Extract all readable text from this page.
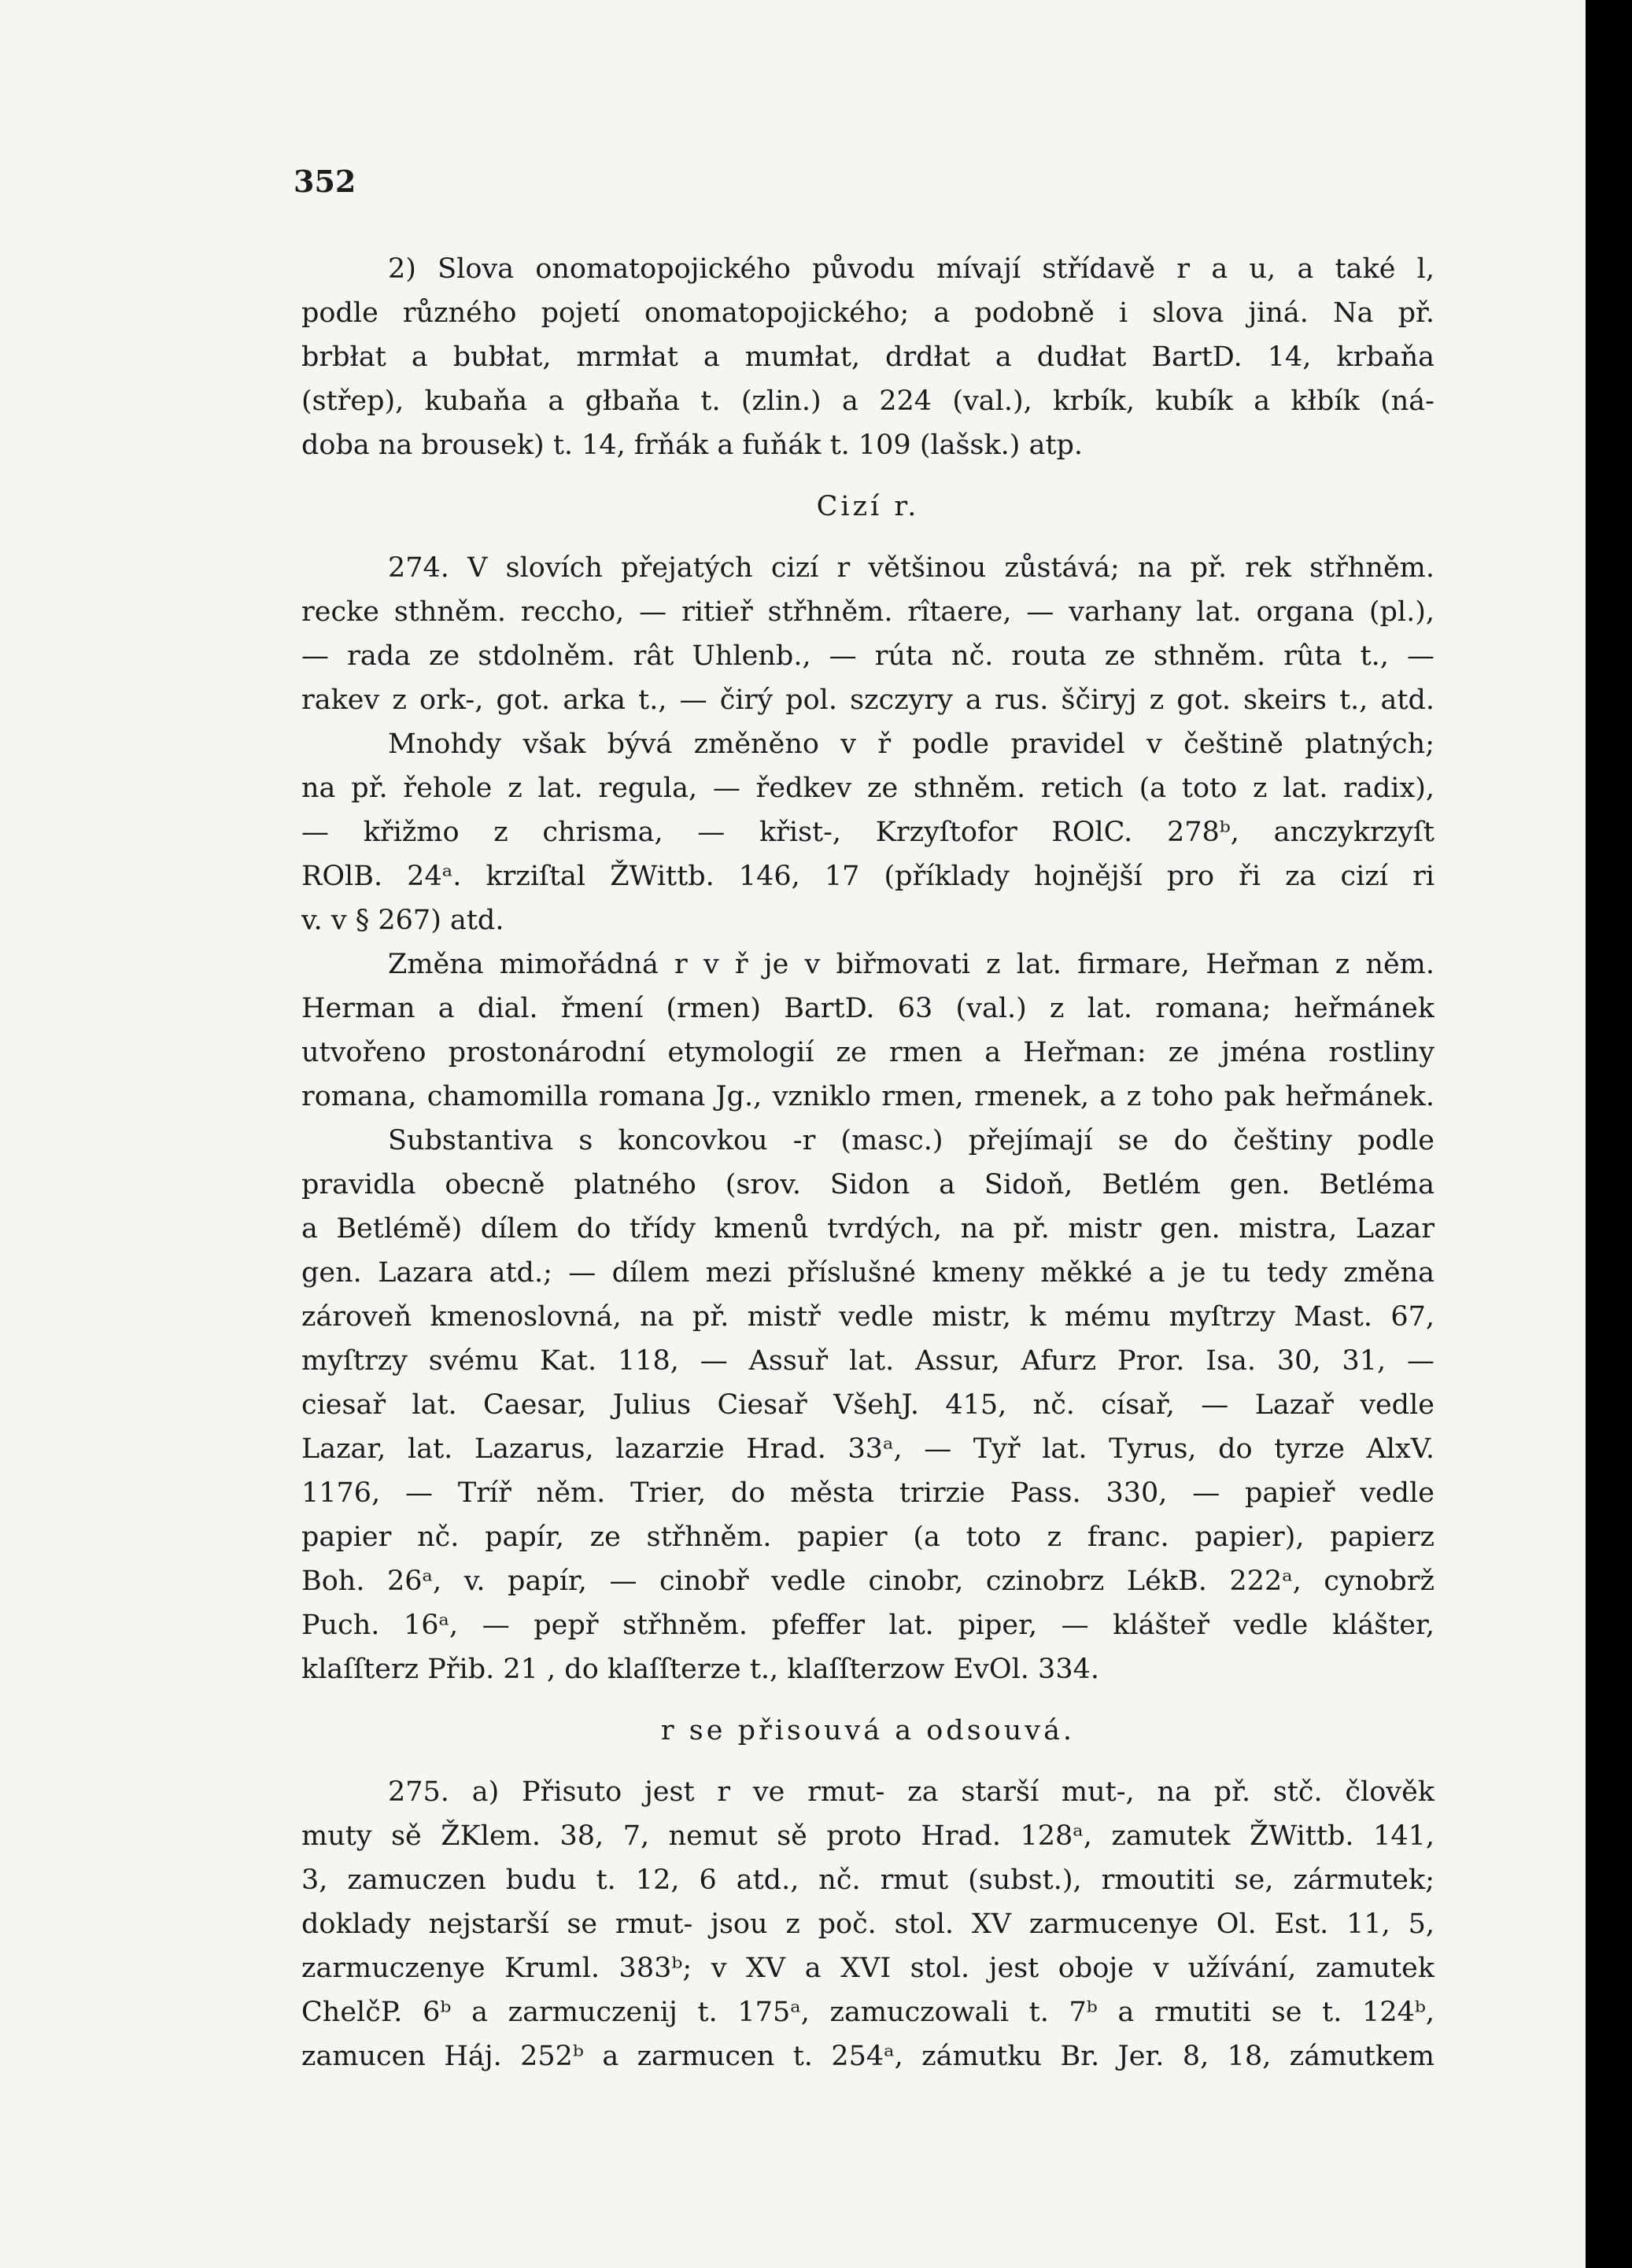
352
2) Slova onomatopojického původu mívají střídavě r a u, a také l,
podle různého pojetí onomatopojického; a podobně i slova jiná. Na př.
brbłat a bubłat, mrmłat a mumłat, drdłat a dudłat BartD. 14, krbaňa
(střep), kubaňa a głbaňa t. (zlin.) a 224 (val.), krbík, kubík a kłbík (ná-
doba na brousek) t. 14, frňák a fuňák t. 109 (lašsk.) atp.
Cizí r.
274. V slovích přejatých cizí r většinou zůstává; na př. rek střhněm.
recke sthněm. reccho, — ritieř střhněm. rîtaere, — varhany lat. organa (pl.),
— rada ze stdolněm. rât Uhlenb., — rúta nč. routa ze sthněm. rûta t., —
rakev z ork-, got. arka t., — čirý pol. szczyry a rus. ščiryj z got. skeirs t., atd.
Mnohdy však bývá změněno v ř podle pravidel v češtině platných;
na př. řehole z lat. regula, — ředkev ze sthněm. retich (a toto z lat. radix),
— křižmo z chrisma, — křist-, Krzyſtofor ROlC. 278ᵇ, anczykrzyſt
ROlB. 24ᵃ. krziſtal ŽWittb. 146, 17 (příklady hojnější pro ři za cizí ri
v. v § 267) atd.
Změna mimořádná r v ř je v biřmovati z lat. firmare, Heřman z něm.
Herman a dial. řmení (rmen) BartD. 63 (val.) z lat. romana; heřmánek
utvořeno prostonárodní etymologií ze rmen a Heřman: ze jména rostliny
romana, chamomilla romana Jg., vzniklo rmen, rmenek, a z toho pak heřmánek.
Substantiva s koncovkou -r (masc.) přejímají se do češtiny podle
pravidla obecně platného (srov. Sidon a Sidoň, Betlém gen. Betléma
a Betlémě) dílem do třídy kmenů tvrdých, na př. mistr gen. mistra, Lazar
gen. Lazara atd.; — dílem mezi příslušné kmeny měkké a je tu tedy změna
zároveň kmenoslovná, na př. mistř vedle mistr, k mému myſtrzy Mast. 67,
myſtrzy svému Kat. 118, — Assuř lat. Assur, Afurz Pror. Isa. 30, 31, —
ciesař lat. Caesar, Julius Ciesař VšehJ. 415, nč. císař, — Lazař vedle
Lazar, lat. Lazarus, lazarzie Hrad. 33ᵃ, — Tyř lat. Tyrus, do tyrze AlxV.
1176, — Tríř něm. Trier, do města trirzie Pass. 330, — papieř vedle
papier nč. papír, ze střhněm. papier (a toto z franc. papier), papierz
Boh. 26ᵃ, v. papír, — cinobř vedle cinobr, czinobrz LékB. 222ᵃ, cynobrž
Puch. 16ᵃ, — pepř střhněm. pfeffer lat. piper, — klášteř vedle klášter,
klaſſterz Přib. 21 , do klaſſterze t., klaſſterzow EvOl. 334.
r se přisouvá a odsouvá.
275. a) Přisuto jest r ve rmut- za starší mut-, na př. stč. člověk
muty sě ŽKlem. 38, 7, nemut sě proto Hrad. 128ᵃ, zamutek ŽWittb. 141,
3, zamuczen budu t. 12, 6 atd., nč. rmut (subst.), rmoutiti se, zármutek;
doklady nejstarší se rmut- jsou z poč. stol. XV zarmucenye Ol. Est. 11, 5,
zarmuczenye Kruml. 383ᵇ; v XV a XVI stol. jest oboje v užívání, zamutek
ChelčP. 6ᵇ a zarmuczenij t. 175ᵃ, zamuczowali t. 7ᵇ a rmutiti se t. 124ᵇ,
zamucen Háj. 252ᵇ a zarmucen t. 254ᵃ, zámutku Br. Jer. 8, 18, zámutkem
